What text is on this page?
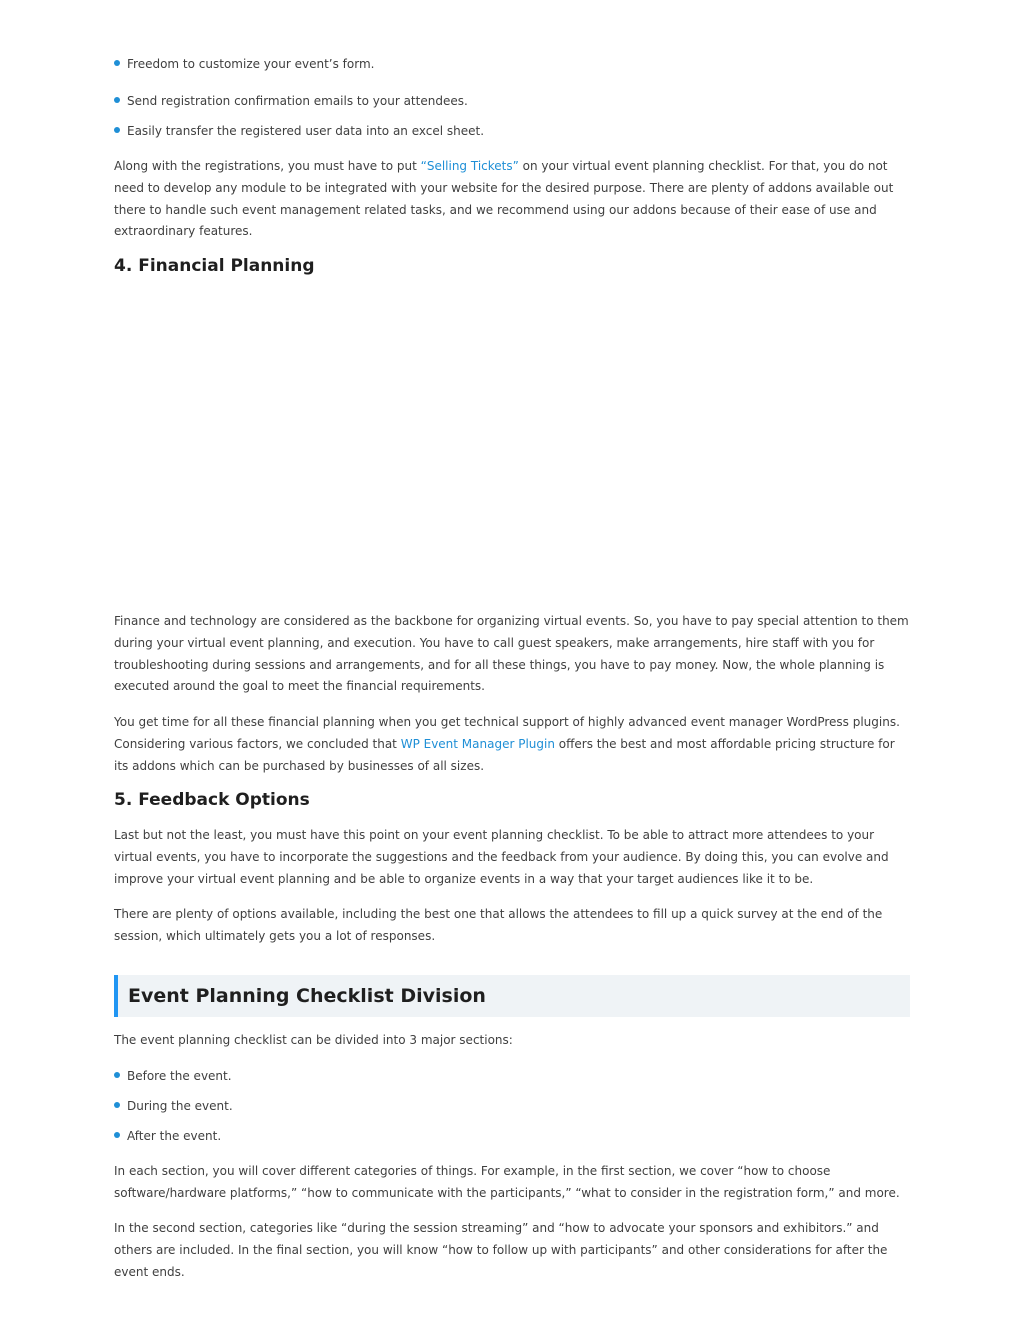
Freedom to customize your event’s form.
Send registration confirmation emails to your attendees.
Easily transfer the registered user data into an excel sheet.

Along with the registrations, you must have to put “Selling Tickets” on your virtual event planning checklist. For that, you do not need to develop any module to be integrated with your website for the desired purpose. There are plenty of addons available out there to handle such event management related tasks, and we recommend using our addons because of their ease of use and extraordinary features.

4. Financial Planning

Finance and technology are considered as the backbone for organizing virtual events. So, you have to pay special attention to them during your virtual event planning, and execution. You have to call guest speakers, make arrangements, hire staff with you for troubleshooting during sessions and arrangements, and for all these things, you have to pay money. Now, the whole planning is executed around the goal to meet the financial requirements.

You get time for all these financial planning when you get technical support of highly advanced event manager WordPress plugins. Considering various factors, we concluded that WP Event Manager Plugin offers the best and most affordable pricing structure for its addons which can be purchased by businesses of all sizes.

5. Feedback Options

Last but not the least, you must have this point on your event planning checklist. To be able to attract more attendees to your virtual events, you have to incorporate the suggestions and the feedback from your audience. By doing this, you can evolve and improve your virtual event planning and be able to organize events in a way that your target audiences like it to be.

There are plenty of options available, including the best one that allows the attendees to fill up a quick survey at the end of the session, which ultimately gets you a lot of responses.

Event Planning Checklist Division

The event planning checklist can be divided into 3 major sections:

Before the event.
During the event.
After the event.

In each section, you will cover different categories of things. For example, in the first section, we cover “how to choose software/hardware platforms,” “how to communicate with the participants,” “what to consider in the registration form,” and more.

In the second section, categories like “during the session streaming” and “how to advocate your sponsors and exhibitors.” and others are included. In the final section, you will know “how to follow up with participants” and other considerations for after the event ends.
